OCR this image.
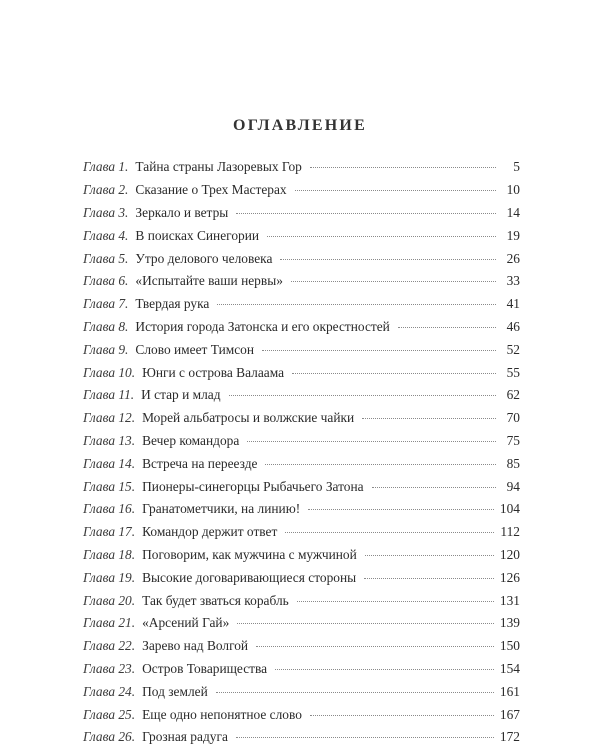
ОГЛАВЛЕНИЕ
Глава 1. Тайна страны Лазоревых Гор	5
Глава 2. Сказание о Трех Мастерах	10
Глава 3. Зеркало и ветры	14
Глава 4. В поисках Синегории	19
Глава 5. Утро делового человека	26
Глава 6. «Испытайте ваши нервы»	33
Глава 7. Твердая рука	41
Глава 8. История города Затонска и его окрестностей	46
Глава 9. Слово имеет Тимсон	52
Глава 10. Юнги с острова Валаама	55
Глава 11. И стар и млад	62
Глава 12. Морей альбатросы и волжские чайки	70
Глава 13. Вечер командора	75
Глава 14. Встреча на переезде	85
Глава 15. Пионеры-синегорцы Рыбачьего Затона	94
Глава 16. Гранатометчики, на линию!	104
Глава 17. Командор держит ответ	112
Глава 18. Поговорим, как мужчина с мужчиной	120
Глава 19. Высокие договаривающиеся стороны	126
Глава 20. Так будет зваться корабль	131
Глава 21. «Арсений Гай»	139
Глава 22. Зарево над Волгой	150
Глава 23. Остров Товарищества	154
Глава 24. Под землей	161
Глава 25. Еще одно непонятное слово	167
Глава 26. Грозная радуга	172
